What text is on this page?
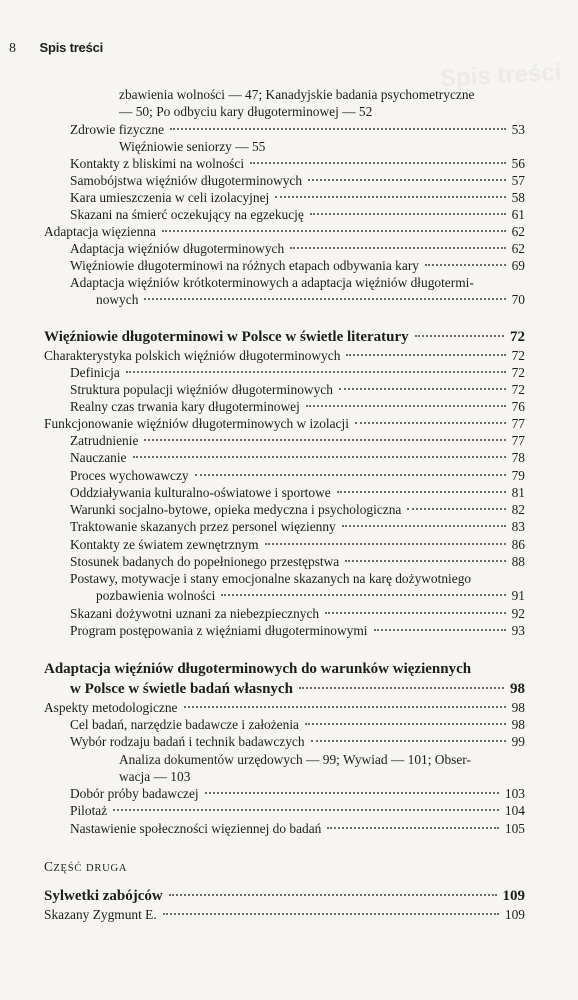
8 Spis treści
Spis treści
zbawienia wolności — 47; Kanadyjskie badania psychometryczne
— 50; Po odbyciu kary długoterminowej — 52
Zdrowie fizyczne	53
Więźniowie seniorzy — 55
Kontakty z bliskimi na wolności	56
Samobójstwa więźniów długoterminowych	57
Kara umieszczenia w celi izolacyjnej	58
Skazani na śmierć oczekujący na egzekucję	61
Adaptacja więzienna	62
Adaptacja więźniów długoterminowych	62
Więźniowie długoterminowi na różnych etapach odbywania kary	69
Adaptacja więźniów krótkoterminowych a adaptacja więźniów długotermi-
nowych	70
Więźniowie długoterminowi w Polsce w świetle literatury	72
Charakterystyka polskich więźniów długoterminowych	72
Definicja	72
Struktura populacji więźniów długoterminowych	72
Realny czas trwania kary długoterminowej	76
Funkcjonowanie więźniów długoterminowych w izolacji	77
Zatrudnienie	77
Nauczanie	78
Proces wychowawczy	79
Oddziaływania kulturalno-oświatowe i sportowe	81
Warunki socjalno-bytowe, opieka medyczna i psychologiczna	82
Traktowanie skazanych przez personel więzienny	83
Kontakty ze światem zewnętrznym	86
Stosunek badanych do popełnionego przestępstwa	88
Postawy, motywacje i stany emocjonalne skazanych na karę dożywotniego
pozbawienia wolności	91
Skazani dożywotni uznani za niebezpiecznych	92
Program postępowania z więźniami długoterminowymi	93
Adaptacja więźniów długoterminowych do warunków więziennych
w Polsce w świetle badań własnych	98
Aspekty metodologiczne	98
Cel badań, narzędzie badawcze i założenia	98
Wybór rodzaju badań i technik badawczych	99
Analiza dokumentów urzędowych — 99; Wywiad — 101; Obser-
wacja — 103
Dobór próby badawczej	103
Pilotaż	104
Nastawienie społeczności więziennej do badań	105
CZĘŚĆ DRUGA
Sylwetki zabójców	109
Skazany Zygmunt E.	109
